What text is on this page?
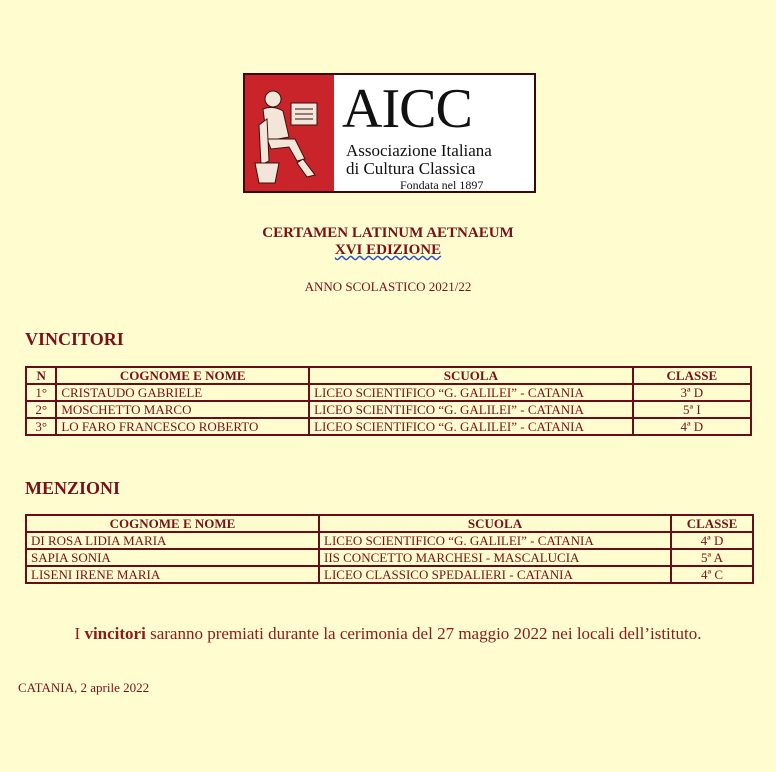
AICC
Associazione Italiana
di Cultura Classica
Fondata nel 1897
CERTAMEN LATINUM AETNAEUM
XVI EDIZIONE
ANNO SCOLASTICO 2021/22
VINCITORI
N	COGNOME E NOME	SCUOLA	CLASSE
1°	CRISTAUDO GABRIELE	LICEO SCIENTIFICO “G. GALILEI” - CATANIA	3ª D
2°	MOSCHETTO MARCO	LICEO SCIENTIFICO “G. GALILEI” - CATANIA	5ª I
3°	LO FARO FRANCESCO ROBERTO	LICEO SCIENTIFICO “G. GALILEI” - CATANIA	4ª D
MENZIONI
COGNOME E NOME	SCUOLA	CLASSE
DI ROSA LIDIA MARIA	LICEO SCIENTIFICO “G. GALILEI” - CATANIA	4ª D
SAPIA SONIA	IIS CONCETTO MARCHESI - MASCALUCIA	5ª A
LISENI IRENE MARIA	LICEO CLASSICO SPEDALIERI - CATANIA	4ª C
I vincitori saranno premiati durante la cerimonia del 27 maggio 2022 nei locali dell’istituto.
CATANIA, 2 aprile 2022
